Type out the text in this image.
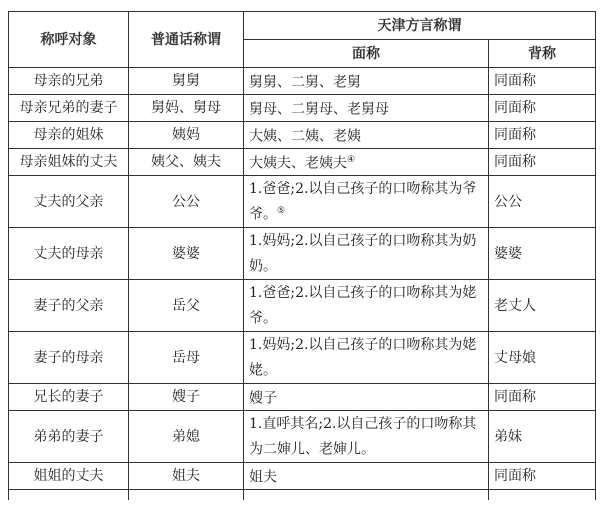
称呼对象	普通话称谓	天津方言称谓	
		面称	背称
母亲的兄弟	舅舅	舅舅、二舅、老舅	同面称
母亲兄弟的妻子	舅妈、舅母	舅母、二舅母、老舅母	同面称
母亲的姐妹	姨妈	大姨、二姨、老姨	同面称
母亲姐妹的丈夫	姨父、姨夫	大姨夫、老姨夫④	同面称
丈夫的父亲	公公	1.爸爸;2.以自己孩子的口吻称其为爷爷。⑤	公公
丈夫的母亲	婆婆	1.妈妈;2.以自己孩子的口吻称其为奶奶。	婆婆
妻子的父亲	岳父	1.爸爸;2.以自己孩子的口吻称其为姥爷。	老丈人
妻子的母亲	岳母	1.妈妈;2.以自己孩子的口吻称其为姥姥。	丈母娘
兄长的妻子	嫂子	嫂子	同面称
弟弟的妻子	弟媳	1.直呼其名;2.以自己孩子的口吻称其为二婶儿、老婶儿。	弟妹
姐姐的丈夫	姐夫	姐夫	同面称
